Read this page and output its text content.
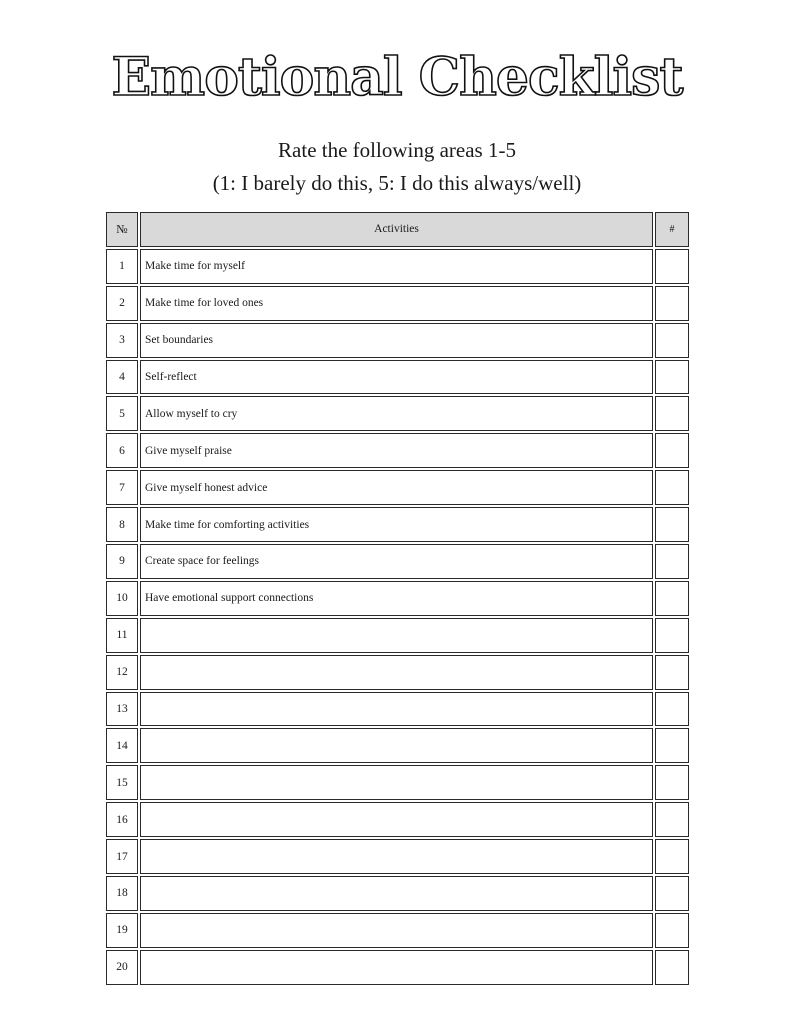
Emotional Checklist
Rate the following areas 1-5
(1: I barely do this, 5: I do this always/well)
№	Activities	#
1	Make time for myself
2	Make time for loved ones
3	Set boundaries
4	Self-reflect
5	Allow myself to cry
6	Give myself praise
7	Give myself honest advice
8	Make time for comforting activities
9	Create space for feelings
10	Have emotional support connections
11
12
13
14
15
16
17
18
19
20
